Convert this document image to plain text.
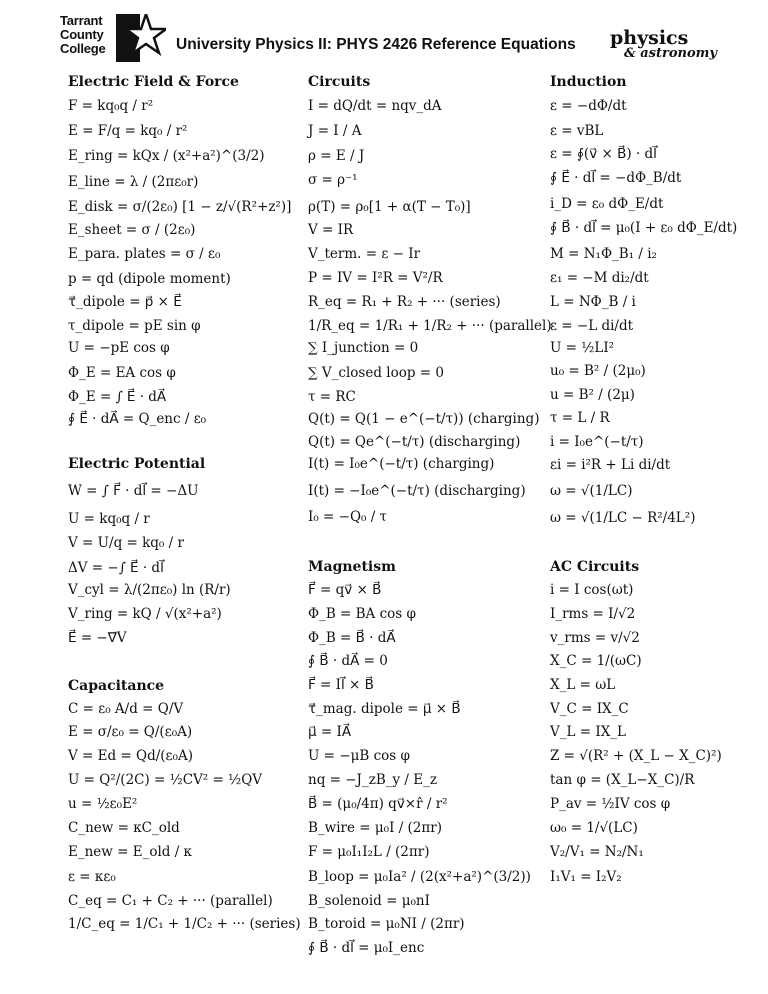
Tarrant
County
College	University Physics II: PHYS 2426 Reference Equations physics
& astronomy
Electric Field & Force
F = kq₀q / r²
E = F/q = kq₀ / r²
E_ring = kQx / (x²+a²)^(3/2)
E_line = λ / (2πε₀r)
E_disk = σ/(2ε₀) [1 − z/√(R²+z²)]
E_sheet = σ / (2ε₀)
E_para. plates = σ / ε₀
p = qd (dipole moment)
τ⃗_dipole = p⃗ × E⃗
τ_dipole = pE sin φ
U = −pE cos φ
Φ_E = EA cos φ
Φ_E = ∫ E⃗ · dA⃗
∮ E⃗ · dA⃗ = Q_enc / ε₀
Electric Potential
W = ∫ F⃗ · dl⃗ = −ΔU
U = kq₀q / r
V = U/q = kq₀ / r
ΔV = −∫ E⃗ · dl⃗
V_cyl = λ/(2πε₀) ln (R/r)
V_ring = kQ / √(x²+a²)
E⃗ = −∇⃗V
Capacitance
C = ε₀ A/d = Q/V
E = σ/ε₀ = Q/(ε₀A)
V = Ed = Qd/(ε₀A)
U = Q²/(2C) = ½CV² = ½QV
u = ½ε₀E²
C_new = κC_old
E_new = E_old / κ
ε = κε₀
C_eq = C₁ + C₂ + ··· (parallel)
1/C_eq = 1/C₁ + 1/C₂ + ··· (series)
Circuits
I = dQ/dt = nqv_dA
J = I / A
ρ = E / J
σ = ρ⁻¹
ρ(T) = ρ₀[1 + α(T − T₀)]
V = IR
V_term. = ε − Ir
P = IV = I²R = V²/R
R_eq = R₁ + R₂ + ··· (series)
1/R_eq = 1/R₁ + 1/R₂ + ··· (parallel)
∑ I_junction = 0
∑ V_closed loop = 0
τ = RC
Q(t) = Q(1 − e^(−t/τ)) (charging)
Q(t) = Qe^(−t/τ) (discharging)
I(t) = I₀e^(−t/τ) (charging)
I(t) = −I₀e^(−t/τ) (discharging)
I₀ = −Q₀ / τ
Magnetism
F⃗ = qv⃗ × B⃗
Φ_B = BA cos φ
Φ_B = B⃗ · dA⃗
∮ B⃗ · dA⃗ = 0
F⃗ = Il⃗ × B⃗
τ⃗_mag. dipole = μ⃗ × B⃗
μ⃗ = IA⃗
U = −μB cos φ
nq = −J_zB_y / E_z
B⃗ = (μ₀/4π) qv⃗×r̂ / r²
B_wire = μ₀I / (2πr)
F = μ₀I₁I₂L / (2πr)
B_loop = μ₀Ia² / (2(x²+a²)^(3/2))
B_solenoid = μ₀nI
B_toroid = μ₀NI / (2πr)
∮ B⃗ · dl⃗ = μ₀I_enc
Induction
ε = −dΦ/dt
ε = vBL
ε = ∮(v⃗ × B⃗) · dl⃗
∮ E⃗ · dl⃗ = −dΦ_B/dt
i_D = ε₀ dΦ_E/dt
∮ B⃗ · dl⃗ = μ₀(I + ε₀ dΦ_E/dt)
M = N₁Φ_B₁ / i₂
ε₁ = −M di₂/dt
L = NΦ_B / i
ε = −L di/dt
U = ½LI²
u₀ = B² / (2μ₀)
u = B² / (2μ)
τ = L / R
i = I₀e^(−t/τ)
εi = i²R + Li di/dt
ω = √(1/LC)
ω = √(1/LC − R²/4L²)
AC Circuits
i = I cos(ωt)
I_rms = I/√2
v_rms = v/√2
X_C = 1/(ωC)
X_L = ωL
V_C = IX_C
V_L = IX_L
Z = √(R² + (X_L − X_C)²)
tan φ = (X_L−X_C)/R
P_av = ½IV cos φ
ω₀ = 1/√(LC)
V₂/V₁ = N₂/N₁
I₁V₁ = I₂V₂
